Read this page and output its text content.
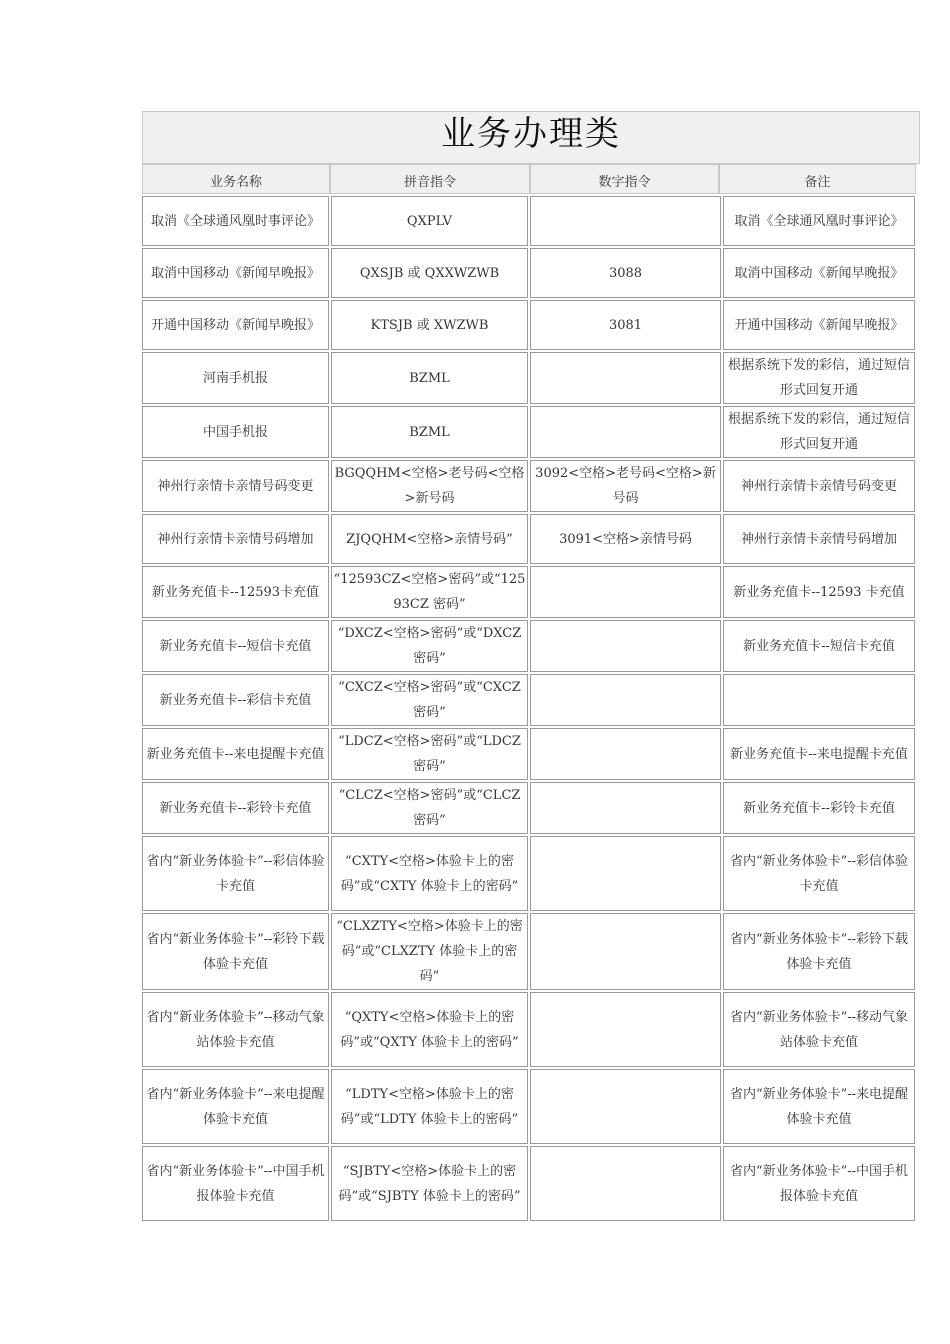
业务办理类
业务名称	拼音指令	数字指令	备注
取消《全球通风凰时事评论》	QXPLV		取消《全球通风凰时事评论》
取消中国移动《新闻早晚报》	QXSJB 或 QXXWZWB	3088	取消中国移动《新闻早晚报》
开通中国移动《新闻早晚报》	KTSJB 或 XWZWB	3081	开通中国移动《新闻早晚报》
河南手机报	BZML		根据系统下发的彩信，通过短信形式回复开通
中国手机报	BZML		根据系统下发的彩信，通过短信形式回复开通
神州行亲情卡亲情号码变更	BGQQHM<空格>老号码<空格>新号码	3092<空格>老号码<空格>新号码	神州行亲情卡亲情号码变更
神州行亲情卡亲情号码增加	ZJQQHM<空格>亲情号码”	3091<空格>亲情号码	神州行亲情卡亲情号码增加
新业务充值卡--12593卡充值	“12593CZ<空格>密码”或“12593CZ 密码”		新业务充值卡--12593 卡充值
新业务充值卡--短信卡充值	“DXCZ<空格>密码”或“DXCZ 密码”		新业务充值卡--短信卡充值
新业务充值卡--彩信卡充值	“CXCZ<空格>密码”或“CXCZ 密码”		
新业务充值卡--来电提醒卡充值	“LDCZ<空格>密码”或“LDCZ 密码”		新业务充值卡--来电提醒卡充值
新业务充值卡--彩铃卡充值	“CLCZ<空格>密码”或“CLCZ 密码”		新业务充值卡--彩铃卡充值
省内“新业务体验卡”--彩信体验卡充值	“CXTY<空格>体验卡上的密码”或“CXTY 体验卡上的密码”		省内“新业务体验卡”--彩信体验卡充值
省内“新业务体验卡”--彩铃下载体验卡充值	“CLXZTY<空格>体验卡上的密码”或“CLXZTY 体验卡上的密码”		省内“新业务体验卡”--彩铃下载体验卡充值
省内“新业务体验卡”--移动气象站体验卡充值	“QXTY<空格>体验卡上的密码”或“QXTY 体验卡上的密码”		省内“新业务体验卡”--移动气象站体验卡充值
省内“新业务体验卡”--来电提醒体验卡充值	“LDTY<空格>体验卡上的密码”或“LDTY 体验卡上的密码”		省内“新业务体验卡”--来电提醒体验卡充值
省内“新业务体验卡”--中国手机报体验卡充值	“SJBTY<空格>体验卡上的密码”或“SJBTY 体验卡上的密码”		省内“新业务体验卡”--中国手机报体验卡充值
